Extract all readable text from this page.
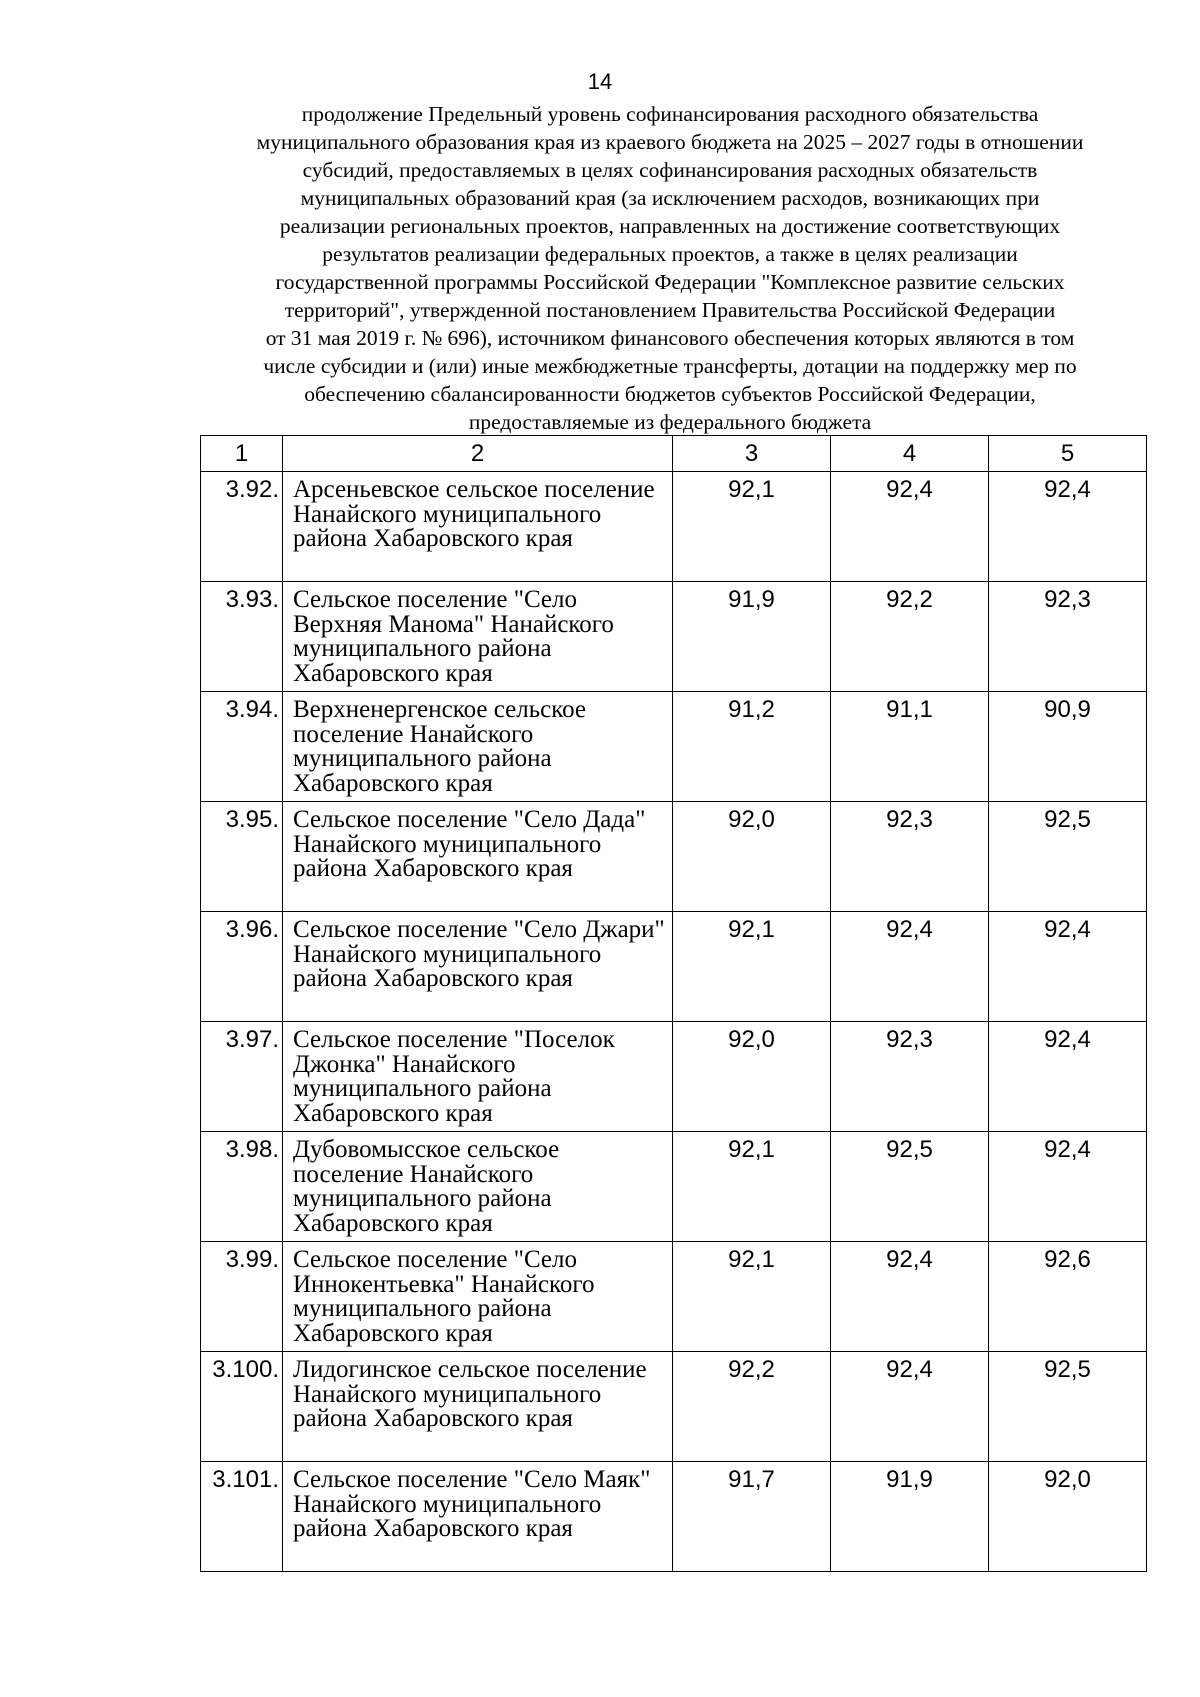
14
продолжение Предельный уровень софинансирования расходного обязательства
муниципального образования края из краевого бюджета на 2025 – 2027 годы в отношении
субсидий, предоставляемых в целях софинансирования расходных обязательств
муниципальных образований края (за исключением расходов, возникающих при
реализации региональных проектов, направленных на достижение соответствующих
результатов реализации федеральных проектов, а также в целях реализации
государственной программы Российской Федерации "Комплексное развитие сельских
территорий", утвержденной постановлением Правительства Российской Федерации
от 31 мая 2019 г. № 696), источником финансового обеспечения которых являются в том
числе субсидии и (или) иные межбюджетные трансферты, дотации на поддержку мер по
обеспечению сбалансированности бюджетов субъектов Российской Федерации,
предоставляемые из федерального бюджета
1	2	3	4	5
3.92.	Арсеньевское сельское поселение Нанайского муниципального района Хабаровского края	92,1	92,4	92,4
3.93.	Сельское поселение "Село Верхняя Манома" Нанайского муниципального района Хабаровского края	91,9	92,2	92,3
3.94.	Верхненергенское сельское поселение Нанайского муниципального района Хабаровского края	91,2	91,1	90,9
3.95.	Сельское поселение "Село Дада" Нанайского муниципального района Хабаровского края	92,0	92,3	92,5
3.96.	Сельское поселение "Село Джари" Нанайского муниципального района Хабаровского края	92,1	92,4	92,4
3.97.	Сельское поселение "Поселок Джонка" Нанайского муниципального района Хабаровского края	92,0	92,3	92,4
3.98.	Дубовомысское сельское поселение Нанайского муниципального района Хабаровского края	92,1	92,5	92,4
3.99.	Сельское поселение "Село Иннокентьевка" Нанайского муниципального района Хабаровского края	92,1	92,4	92,6
3.100.	Лидогинское сельское поселение Нанайского муниципального района Хабаровского края	92,2	92,4	92,5
3.101.	Сельское поселение "Село Маяк" Нанайского муниципального района Хабаровского края	91,7	91,9	92,0
